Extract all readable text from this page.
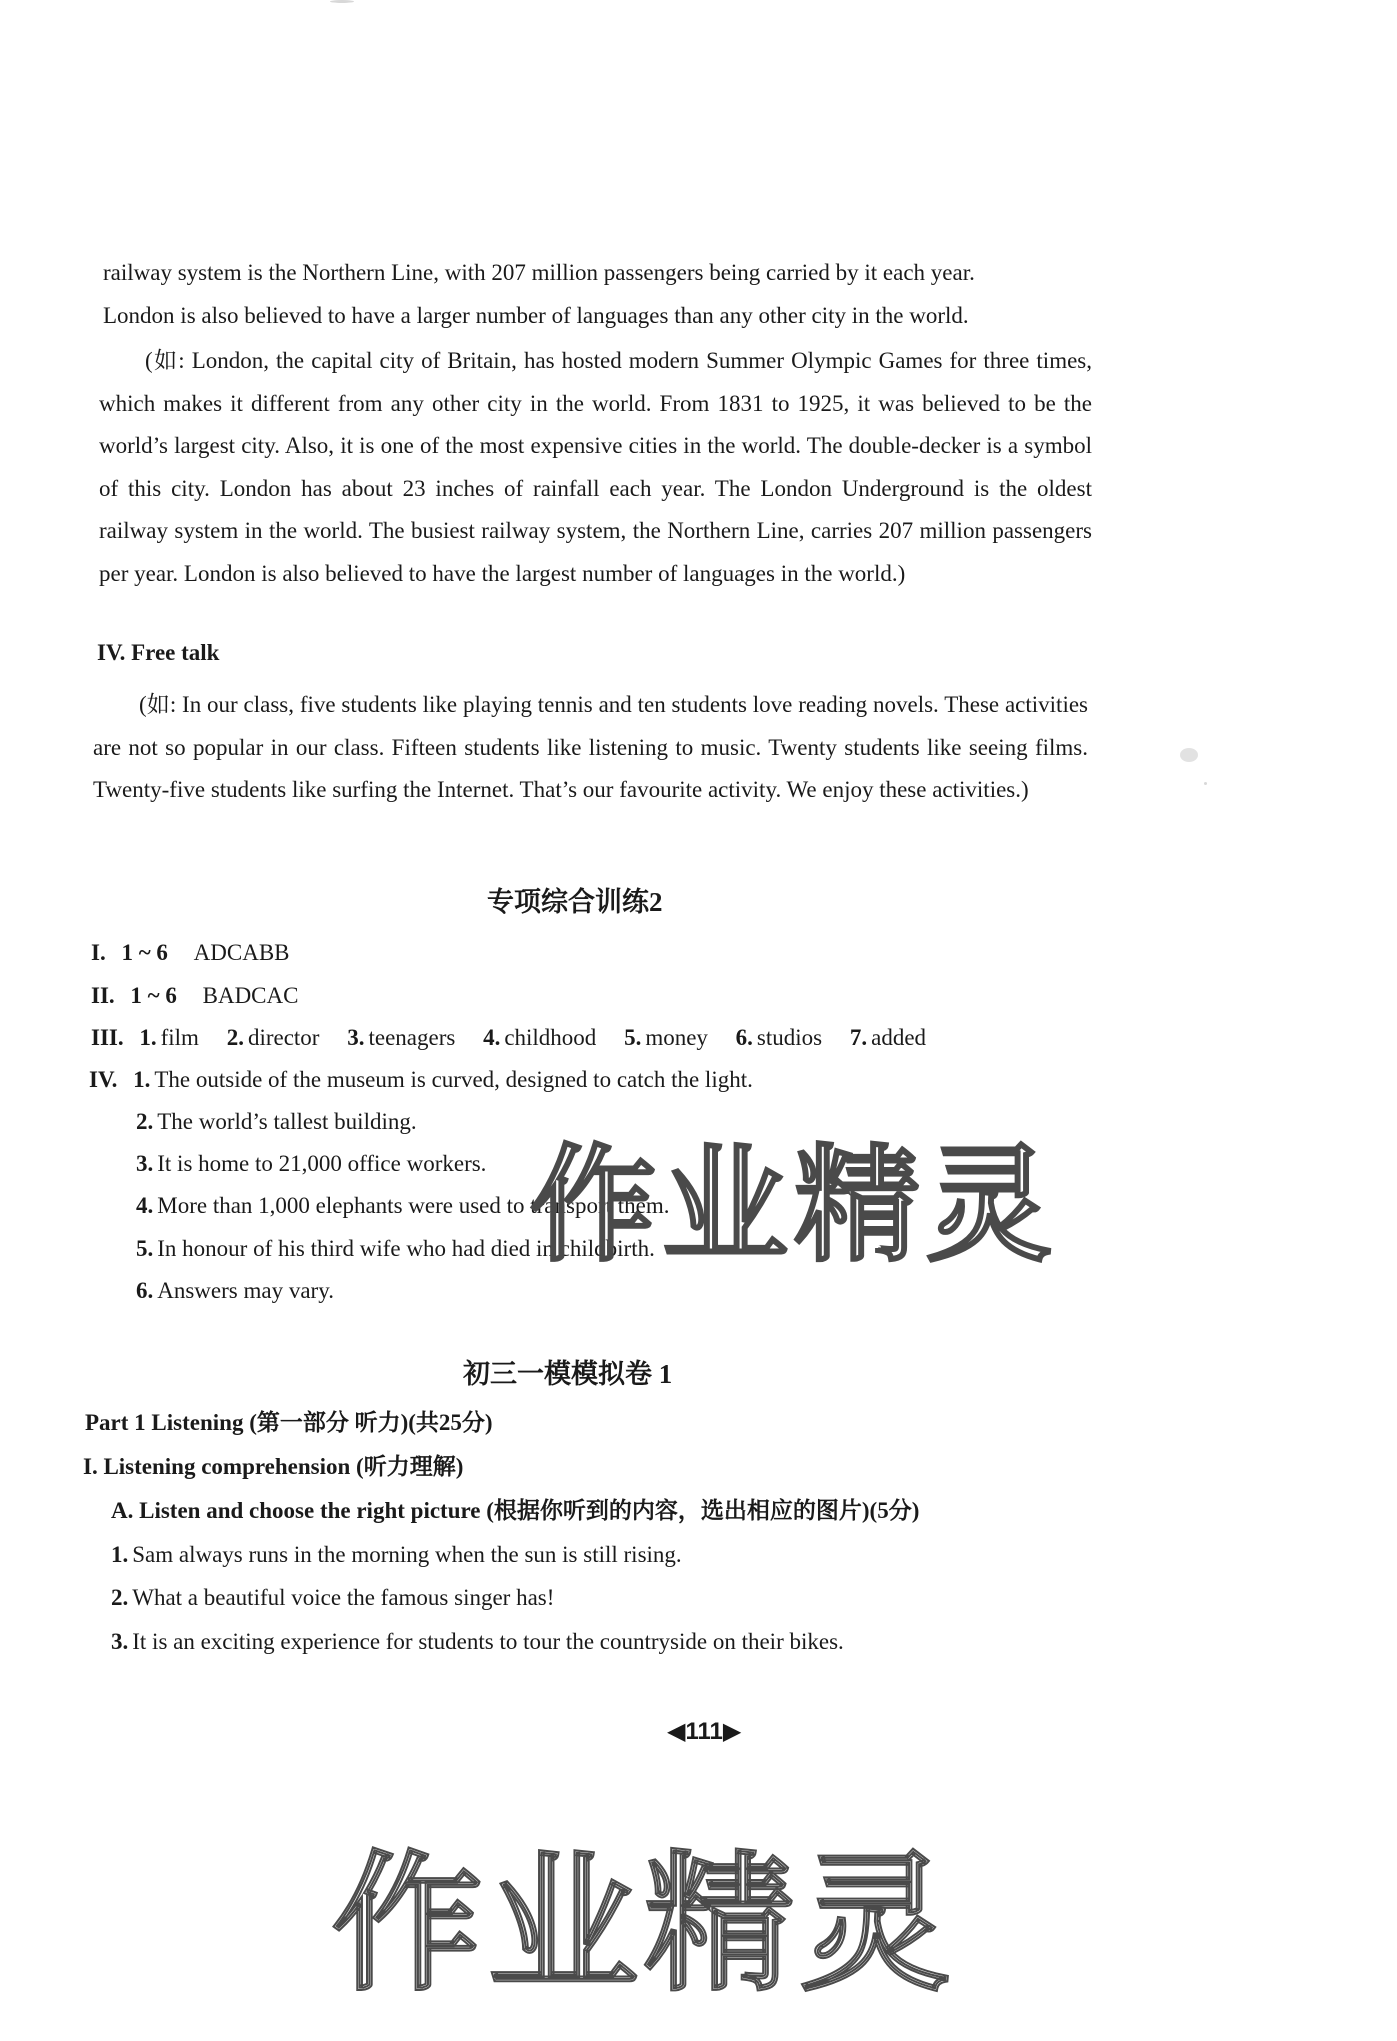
railway system is the Northern Line, with 207 million passengers being carried by it each year.
London is also believed to have a larger number of languages than any other city in the world.
(如: London, the capital city of Britain, has hosted modern Summer Olympic Games for three times, which makes it different from any other city in the world. From 1831 to 1925, it was believed to be the world’s largest city. Also, it is one of the most expensive cities in the world. The double-decker is a symbol of this city. London has about 23 inches of rainfall each year. The London Underground is the oldest railway system in the world. The busiest railway system, the Northern Line, carries 207 million passengers per year. London is also believed to have the largest number of languages in the world.)
IV. Free talk
(如: In our class, five students like playing tennis and ten students love reading novels. These activities are not so popular in our class. Fifteen students like listening to music. Twenty students like seeing films. Twenty-five students like surfing the Internet. That’s our favourite activity. We enjoy these activities.)
专项综合训练2
I. 1 ~ 6 ADCABB
II. 1 ~ 6 BADCAC
III. 1. film 2. director 3. teenagers 4. childhood 5. money 6. studios 7. added
IV. 1. The outside of the museum is curved, designed to catch the light.
2. The world’s tallest building.
3. It is home to 21,000 office workers.
4. More than 1,000 elephants were used to transport them.
5. In honour of his third wife who had died in childbirth.
6. Answers may vary.
作业精灵
初三一模模拟卷 1
Part 1 Listening (第一部分 听力)(共25分)
I. Listening comprehension (听力理解)
A. Listen and choose the right picture (根据你听到的内容，选出相应的图片)(5分)
1. Sam always runs in the morning when the sun is still rising.
2. What a beautiful voice the famous singer has!
3. It is an exciting experience for students to tour the countryside on their bikes.
◀111▶
作业精灵
